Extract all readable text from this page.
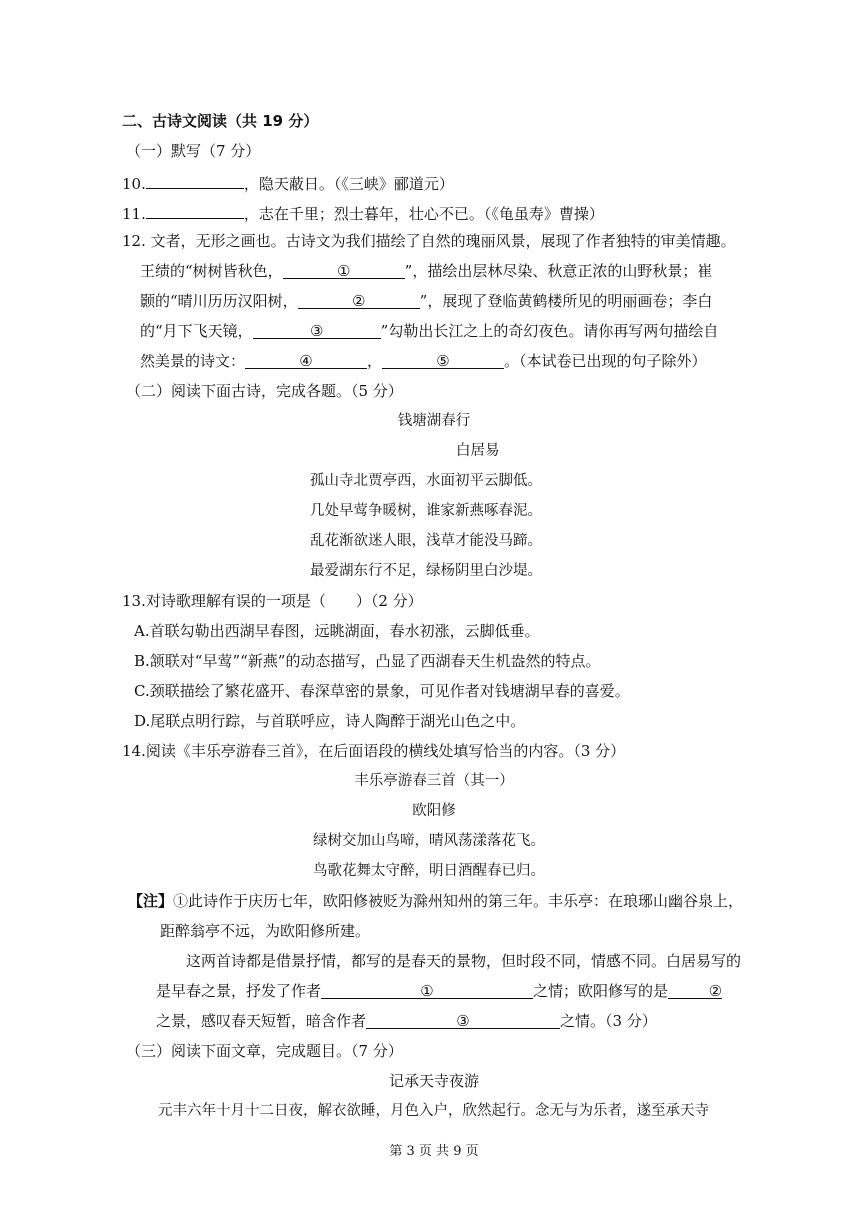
二、古诗文阅读（共 19 分）
（一）默写（7 分）
10.	，隐天蔽日。（《三峡》郦道元）
11.	，志在千里；烈士暮年，壮心不已。（《龟虽寿》曹操）
12. 文者，无形之画也。古诗文为我们描绘了自然的瑰丽风景，展现了作者独特的审美情趣。
王绩的“树树皆秋色，	①	”，描绘出层林尽染、秋意正浓的山野秋景；崔
颢的“晴川历历汉阳树，	②	”，展现了登临黄鹤楼所见的明丽画卷；李白
的“月下飞天镜，	③	”勾勒出长江之上的奇幻夜色。请你再写两句描绘自
然美景的诗文：	④	，	⑤	。（本试卷已出现的句子除外）
（二）阅读下面古诗，完成各题。（5 分）
钱塘湖春行
白居易
孤山寺北贾亭西，水面初平云脚低。
几处早莺争暖树，谁家新燕啄春泥。
乱花渐欲迷人眼，浅草才能没马蹄。
最爱湖东行不足，绿杨阴里白沙堤。
13.对诗歌理解有误的一项是（　　）（2 分）
A.首联勾勒出西湖早春图，远眺湖面，春水初涨，云脚低垂。
B.颔联对“早莺”“新燕”的动态描写，凸显了西湖春天生机盎然的特点。
C.颈联描绘了繁花盛开、春深草密的景象，可见作者对钱塘湖早春的喜爱。
D.尾联点明行踪，与首联呼应，诗人陶醉于湖光山色之中。
14.阅读《丰乐亭游春三首》，在后面语段的横线处填写恰当的内容。（3 分）
丰乐亭游春三首（其一）
欧阳修
绿树交加山鸟啼，晴风荡漾落花飞。
鸟歌花舞太守醉，明日酒醒春已归。
【注】①此诗作于庆历七年，欧阳修被贬为滁州知州的第三年。丰乐亭：在琅琊山幽谷泉上，
距醉翁亭不远，为欧阳修所建。
这两首诗都是借景抒情，都写的是春天的景物，但时段不同，情感不同。白居易写的
是早春之景，抒发了作者	①	之情；欧阳修写的是	②
之景，感叹春天短暂，暗含作者	③	之情。（3 分）
（三）阅读下面文章，完成题目。（7 分）
记承天寺夜游
元丰六年十月十二日夜，解衣欲睡，月色入户，欣然起行。念无与为乐者，遂至承天寺
第 3 页 共 9 页
